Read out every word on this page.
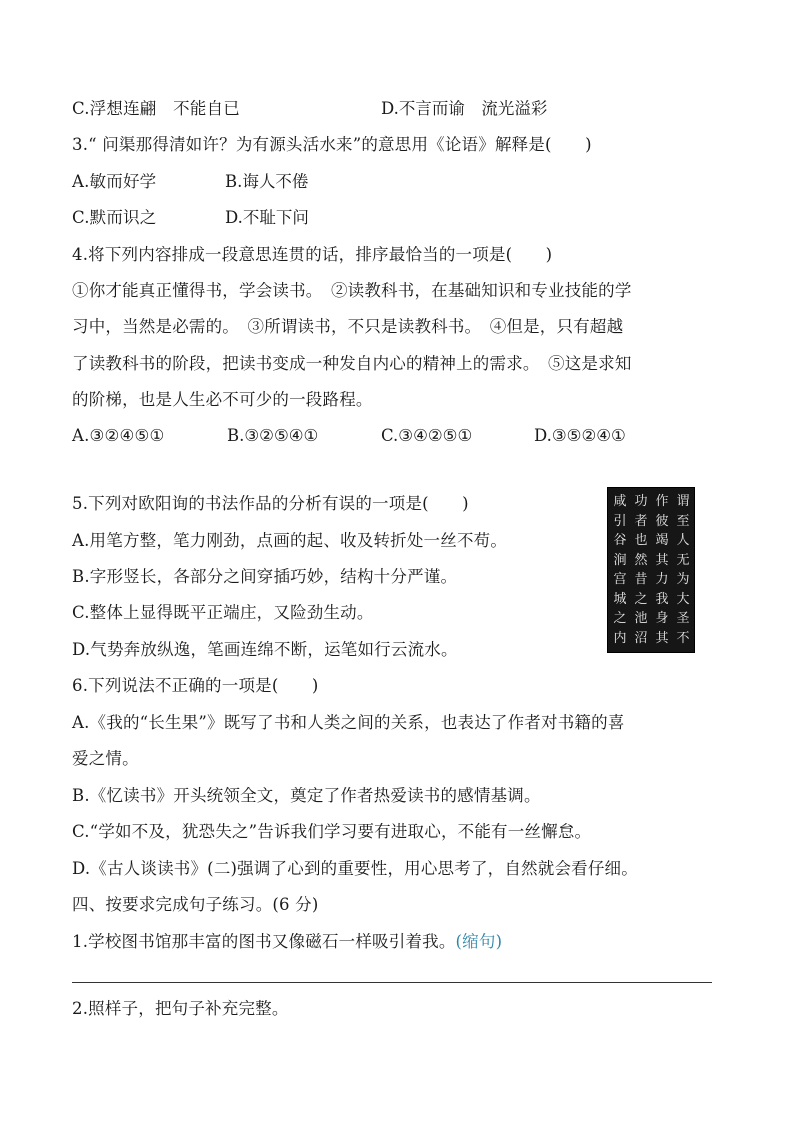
C.浮想连翩　不能自已	D.不言而谕　流光溢彩
3.“ 问渠那得清如许？为有源头活水来”的意思用《论语》解释是(　　)
A.敏而好学	B.诲人不倦
C.默而识之	D.不耻下问
4.将下列内容排成一段意思连贯的话，排序最恰当的一项是(　　)
①你才能真正懂得书，学会读书。　②读教科书，在基础知识和专业技能的学
习中，当然是必需的。　③所谓读书，不只是读教科书。　④但是，只有超越
了读教科书的阶段，把读书变成一种发自内心的精神上的需求。　⑤这是求知
的阶梯，也是人生必不可少的一段路程。
A.③②④⑤①	B.③②⑤④①	C.③④②⑤①	D.③⑤②④①
5.下列对欧阳询的书法作品的分析有误的一项是(　　)
A.用笔方整，笔力刚劲，点画的起、收及转折处一丝不苟。
B.字形竖长，各部分之间穿插巧妙，结构十分严谨。
C.整体上显得既平正端庄，又险劲生动。
D.气势奔放纵逸，笔画连绵不断，运笔如行云流水。
谓至人无为大圣不
作彼竭其力我身其
功者也然昔之池沼
咸引谷涧宫城之内
6.下列说法不正确的一项是(　　)
A.《我的“长生果”》既写了书和人类之间的关系，也表达了作者对书籍的喜
爱之情。
B.《忆读书》开头统领全文，奠定了作者热爱读书的感情基调。
C.“学如不及，犹恐失之”告诉我们学习要有进取心，不能有一丝懈怠。
D.《古人谈读书》(二)强调了心到的重要性，用心思考了，自然就会看仔细。
四、按要求完成句子练习。(6 分)
1.学校图书馆那丰富的图书又像磁石一样吸引着我。(缩句)
2.照样子，把句子补充完整。
